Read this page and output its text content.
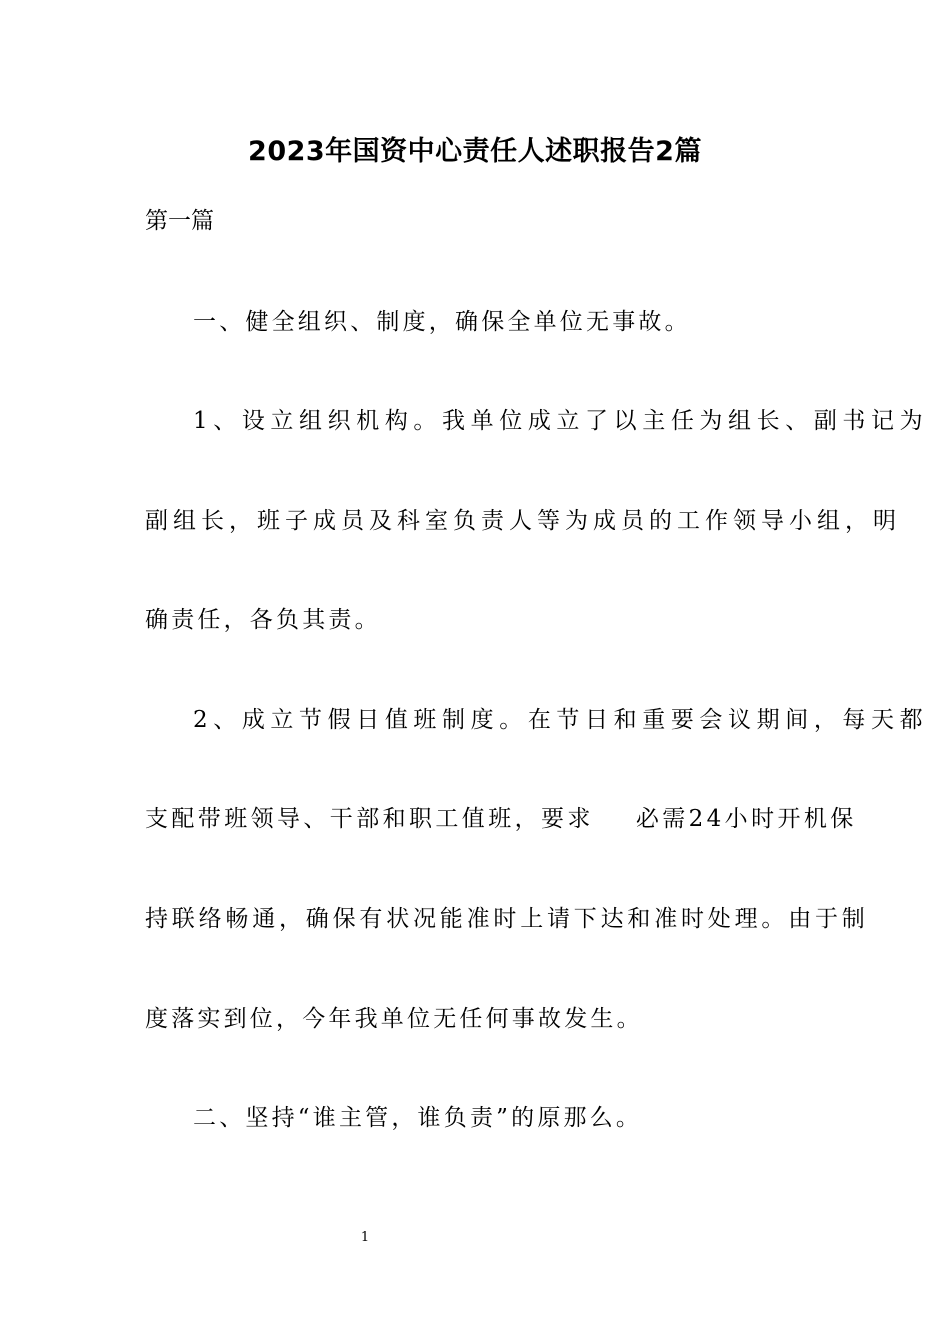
2023年国资中心责任人述职报告2篇
第一篇
一、健全组织、制度，确保全单位无事故。
1、设立组织机构。我单位成立了以主任为组长、副书记为
副组长，班子成员及科室负责人等为成员的工作领导小组，明
确责任，各负其责。
2、成立节假日值班制度。在节日和重要会议期间，每天都
支配带班领导、干部和职工值班，要求 必需24小时开机保
持联络畅通，确保有状况能准时上请下达和准时处理。由于制
度落实到位，今年我单位无任何事故发生。
二、坚持“谁主管，谁负责”的原那么。
1
